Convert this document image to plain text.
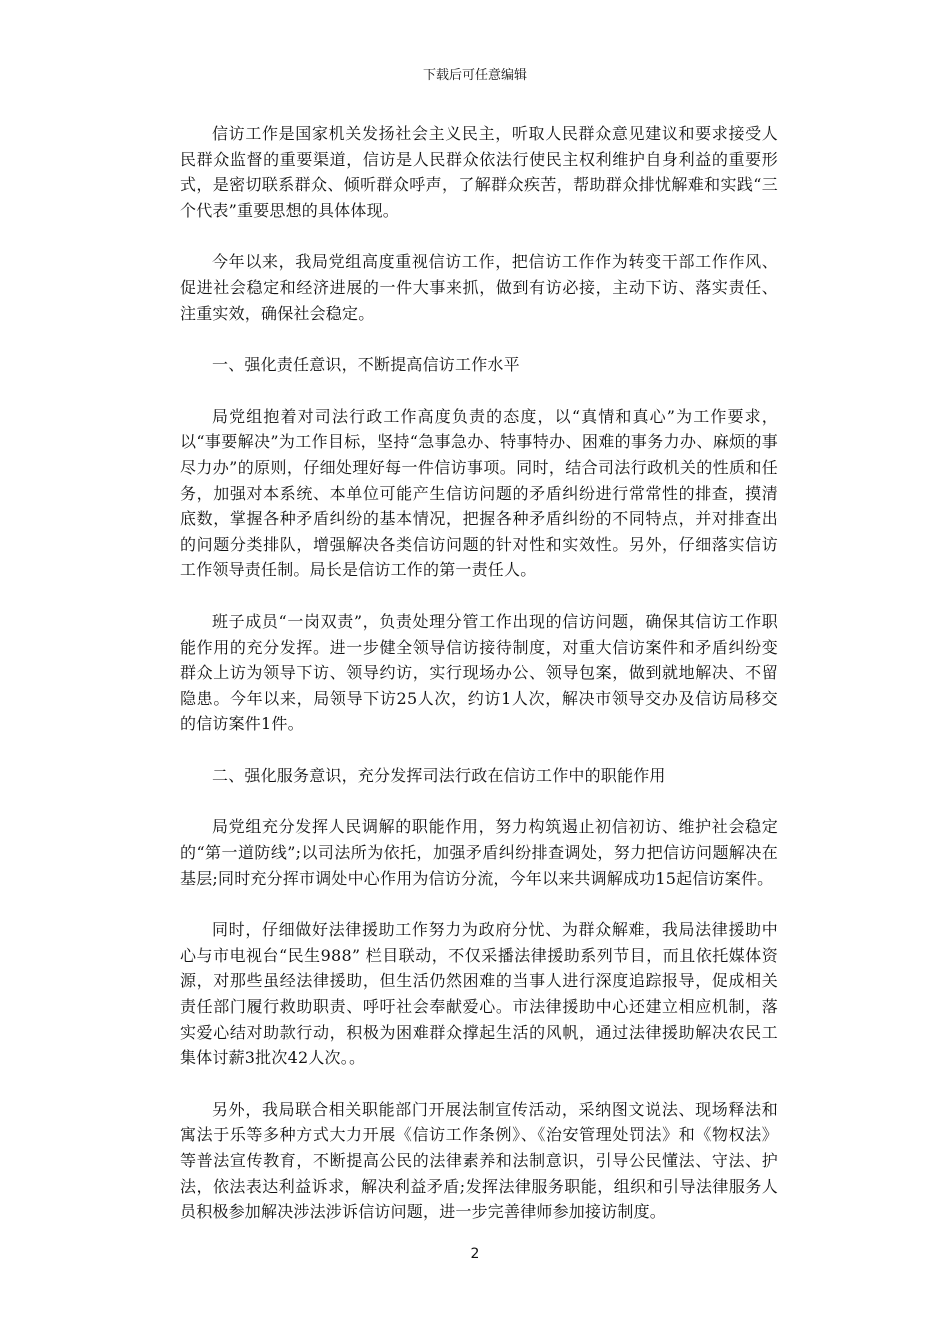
下载后可任意编辑

信访工作是国家机关发扬社会主义民主，听取人民群众意见建议和要求接受人民群众监督的重要渠道，信访是人民群众依法行使民主权利维护自身利益的重要形式，是密切联系群众、倾听群众呼声，了解群众疾苦，帮助群众排忧解难和实践“三个代表”重要思想的具体体现。

今年以来，我局党组高度重视信访工作，把信访工作作为转变干部工作作风、促进社会稳定和经济进展的一件大事来抓，做到有访必接，主动下访、落实责任、注重实效，确保社会稳定。

一、强化责任意识，不断提高信访工作水平

局党组抱着对司法行政工作高度负责的态度，以“真情和真心”为工作要求，以“事要解决”为工作目标，坚持“急事急办、特事特办、困难的事务力办、麻烦的事尽力办”的原则，仔细处理好每一件信访事项。同时，结合司法行政机关的性质和任务，加强对本系统、本单位可能产生信访问题的矛盾纠纷进行常常性的排查，摸清底数，掌握各种矛盾纠纷的基本情况，把握各种矛盾纠纷的不同特点，并对排查出的问题分类排队，增强解决各类信访问题的针对性和实效性。另外，仔细落实信访工作领导责任制。局长是信访工作的第一责任人。

班子成员“一岗双责”，负责处理分管工作出现的信访问题，确保其信访工作职能作用的充分发挥。进一步健全领导信访接待制度，对重大信访案件和矛盾纠纷变群众上访为领导下访、领导约访，实行现场办公、领导包案，做到就地解决、不留隐患。今年以来，局领导下访25人次，约访1人次，解决市领导交办及信访局移交的信访案件1件。

二、强化服务意识，充分发挥司法行政在信访工作中的职能作用

局党组充分发挥人民调解的职能作用，努力构筑遏止初信初访、维护社会稳定的“第一道防线”;以司法所为依托，加强矛盾纠纷排查调处，努力把信访问题解决在基层;同时充分挥市调处中心作用为信访分流，今年以来共调解成功15起信访案件。

同时，仔细做好法律援助工作努力为政府分忧、为群众解难，我局法律援助中心与市电视台“民生988” 栏目联动，不仅采播法律援助系列节目，而且依托媒体资源，对那些虽经法律援助，但生活仍然困难的当事人进行深度追踪报导，促成相关责任部门履行救助职责、呼吁社会奉献爱心。市法律援助中心还建立相应机制，落实爱心结对助款行动，积极为困难群众撑起生活的风帆，通过法律援助解决农民工集体讨薪3批次42人次。。

另外，我局联合相关职能部门开展法制宣传活动，采纳图文说法、现场释法和寓法于乐等多种方式大力开展《信访工作条例》、《治安管理处罚法》和《物权法》等普法宣传教育，不断提高公民的法律素养和法制意识，引导公民懂法、守法、护法，依法表达利益诉求，解决利益矛盾;发挥法律服务职能，组织和引导法律服务人员积极参加解决涉法涉诉信访问题，进一步完善律师参加接访制度。

2
